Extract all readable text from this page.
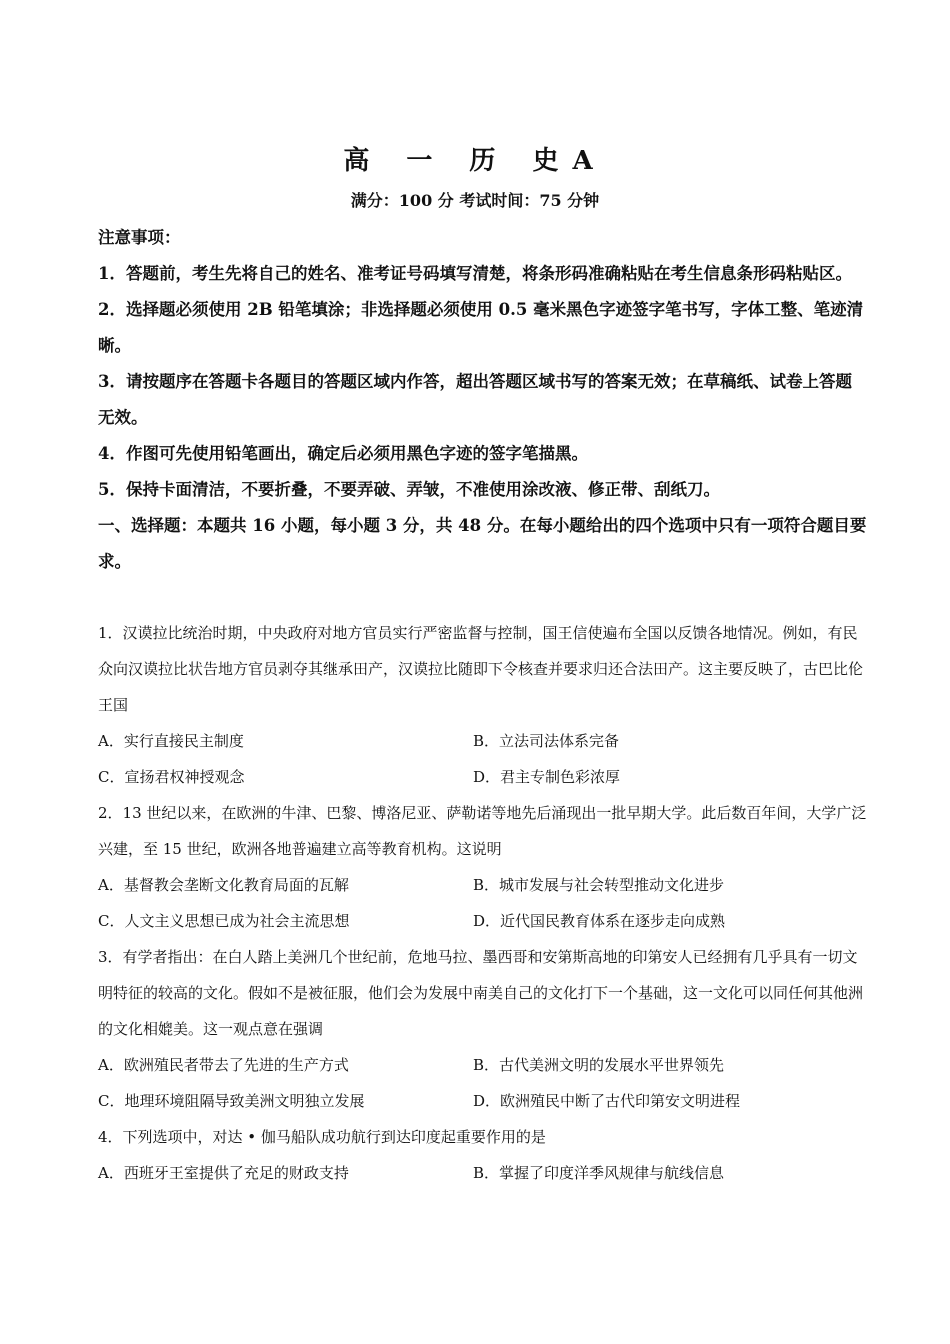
高 一 历 史A
满分：100 分 考试时间：75 分钟

注意事项：

1．答题前，考生先将自己的姓名、准考证号码填写清楚，将条形码准确粘贴在考生信息条形码粘贴区。

2．选择题必须使用 2B 铅笔填涂；非选择题必须使用 0.5 毫米黑色字迹签字笔书写，字体工整、笔迹清晰。

3．请按题序在答题卡各题目的答题区域内作答，超出答题区域书写的答案无效；在草稿纸、试卷上答题无效。

4．作图可先使用铅笔画出，确定后必须用黑色字迹的签字笔描黑。

5．保持卡面清洁，不要折叠，不要弄破、弄皱，不准使用涂改液、修正带、刮纸刀。

一、选择题：本题共 16 小题，每小题 3 分，共 48 分。在每小题给出的四个选项中只有一项符合题目要求。

1．汉谟拉比统治时期，中央政府对地方官员实行严密监督与控制，国王信使遍布全国以反馈各地情况。例如，有民众向汉谟拉比状告地方官员剥夺其继承田产，汉谟拉比随即下令核查并要求归还合法田产。这主要反映了，古巴比伦王国

A．实行直接民主制度	B．立法司法体系完备
C．宣扬君权神授观念	D．君主专制色彩浓厚

2．13 世纪以来，在欧洲的牛津、巴黎、博洛尼亚、萨勒诺等地先后涌现出一批早期大学。此后数百年间，大学广泛兴建，至 15 世纪，欧洲各地普遍建立高等教育机构。这说明

A．基督教会垄断文化教育局面的瓦解	B．城市发展与社会转型推动文化进步
C．人文主义思想已成为社会主流思想	D．近代国民教育体系在逐步走向成熟

3．有学者指出：在白人踏上美洲几个世纪前，危地马拉、墨西哥和安第斯高地的印第安人已经拥有几乎具有一切文明特征的较高的文化。假如不是被征服，他们会为发展中南美自己的文化打下一个基础，这一文化可以同任何其他洲的文化相媲美。这一观点意在强调

A．欧洲殖民者带去了先进的生产方式	B．古代美洲文明的发展水平世界领先
C．地理环境阻隔导致美洲文明独立发展	D．欧洲殖民中断了古代印第安文明进程

4．下列选项中，对达 • 伽马船队成功航行到达印度起重要作用的是

A．西班牙王室提供了充足的财政支持	B．掌握了印度洋季风规律与航线信息
